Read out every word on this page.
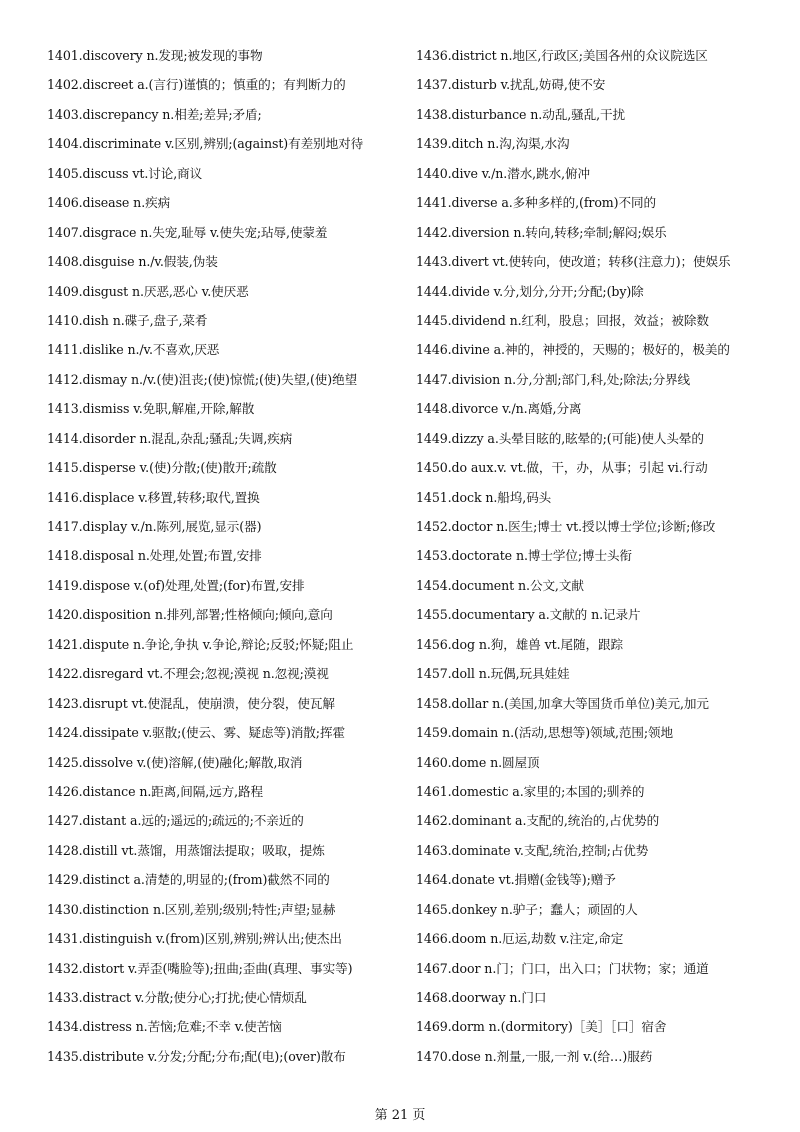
1401.discovery n.发现;被发现的事物
1402.discreet a.(言行)谨慎的；慎重的；有判断力的
1403.discrepancy n.相差;差异;矛盾;
1404.discriminate v.区别,辨别;(against)有差别地对待
1405.discuss vt.讨论,商议
1406.disease n.疾病
1407.disgrace n.失宠,耻辱 v.使失宠;玷辱,使蒙羞
1408.disguise n./v.假装,伪装
1409.disgust n.厌恶,恶心 v.使厌恶
1410.dish n.碟子,盘子,菜肴
1411.dislike n./v.不喜欢,厌恶
1412.dismay n./v.(使)沮丧;(使)惊慌;(使)失望,(使)绝望
1413.dismiss v.免职,解雇,开除,解散
1414.disorder n.混乱,杂乱;骚乱;失调,疾病
1415.disperse v.(使)分散;(使)散开;疏散
1416.displace v.移置,转移;取代,置换
1417.display v./n.陈列,展览,显示(器)
1418.disposal n.处理,处置;布置,安排
1419.dispose v.(of)处理,处置;(for)布置,安排
1420.disposition n.排列,部署;性格倾向;倾向,意向
1421.dispute n.争论,争执 v.争论,辩论;反驳;怀疑;阻止
1422.disregard vt.不理会;忽视;漠视 n.忽视;漠视
1423.disrupt vt.使混乱，使崩溃，使分裂，使瓦解
1424.dissipate v.驱散;(使云、雾、疑虑等)消散;挥霍
1425.dissolve v.(使)溶解,(使)融化;解散,取消
1426.distance n.距离,间隔,远方,路程
1427.distant a.远的;遥远的;疏远的;不亲近的
1428.distill vt.蒸馏，用蒸馏法提取；吸取，提炼
1429.distinct a.清楚的,明显的;(from)截然不同的
1430.distinction n.区别,差别;级别;特性;声望;显赫
1431.distinguish v.(from)区别,辨别;辨认出;使杰出
1432.distort v.弄歪(嘴脸等);扭曲;歪曲(真理、事实等)
1433.distract v.分散;使分心;打扰;使心情烦乱
1434.distress n.苦恼;危难;不幸 v.使苦恼
1435.distribute v.分发;分配;分布;配(电);(over)散布
1436.district n.地区,行政区;美国各州的众议院选区
1437.disturb v.扰乱,妨碍,使不安
1438.disturbance n.动乱,骚乱,干扰
1439.ditch n.沟,沟渠,水沟
1440.dive v./n.潜水,跳水,俯冲
1441.diverse a.多种多样的,(from)不同的
1442.diversion n.转向,转移;牵制;解闷;娱乐
1443.divert vt.使转向，使改道；转移(注意力)；使娱乐
1444.divide v.分,划分,分开;分配;(by)除
1445.dividend n.红利，股息；回报，效益；被除数
1446.divine a.神的，神授的，天赐的；极好的，极美的
1447.division n.分,分割;部门,科,处;除法;分界线
1448.divorce v./n.离婚,分离
1449.dizzy a.头晕目眩的,眩晕的;(可能)使人头晕的
1450.do aux.v. vt.做，干，办，从事；引起 vi.行动
1451.dock n.船坞,码头
1452.doctor n.医生;博士 vt.授以博士学位;诊断;修改
1453.doctorate n.博士学位;博士头衔
1454.document n.公文,文献
1455.documentary a.文献的 n.记录片
1456.dog n.狗，雄兽 vt.尾随，跟踪
1457.doll n.玩偶,玩具娃娃
1458.dollar n.(美国,加拿大等国货币单位)美元,加元
1459.domain n.(活动,思想等)领域,范围;领地
1460.dome n.圆屋顶
1461.domestic a.家里的;本国的;驯养的
1462.dominant a.支配的,统治的,占优势的
1463.dominate v.支配,统治,控制;占优势
1464.donate vt.捐赠(金钱等);赠予
1465.donkey n.驴子；蠢人；顽固的人
1466.doom n.厄运,劫数 v.注定,命定
1467.door n.门；门口，出入口；门状物；家；通道
1468.doorway n.门口
1469.dorm n.(dormitory)［美］［口］宿舍
1470.dose n.剂量,一服,一剂 v.(给…)服药
第 21 页
